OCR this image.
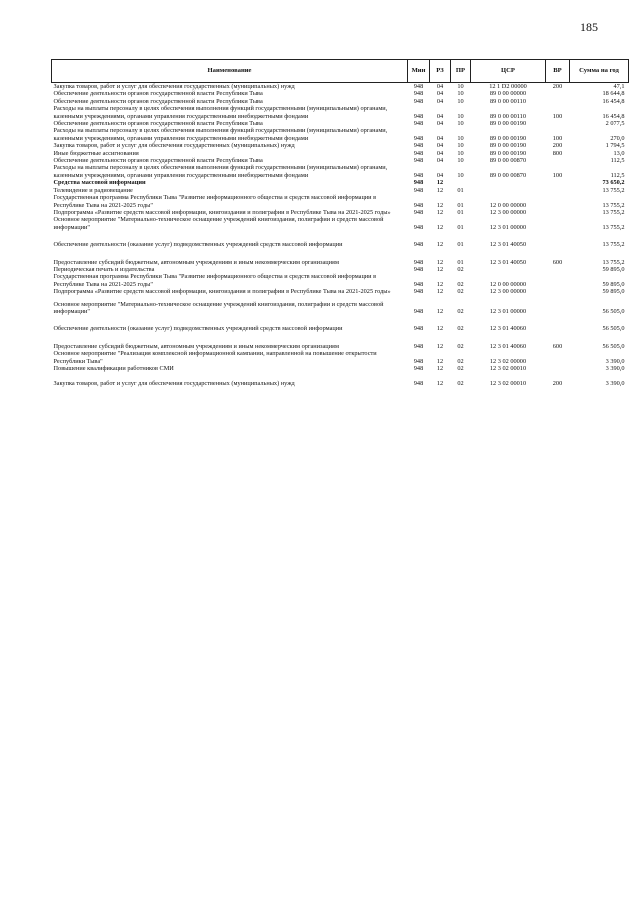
185
Наименование	Мин	РЗ	ПР	ЦСР	ВР	Сумма на год
Закупка товаров, работ и услуг для обеспечения государственных (муниципальных) нужд	948	04	10	12 1 D2 00000	200	47,1
Обеспечение деятельности органов государственной власти Республики Тыва	948	04	10	89 0 00 00000		18 644,8
Обеспечение деятельности органов государственной власти Республики Тыва	948	04	10	89 0 00 00110		16 454,8
Расходы на выплаты персоналу в целях обеспечения выполнения функций государственными (муниципальными) органами, казенными учреждениями, органами управления государственными внебюджетными фондами	948	04	10	89 0 00 00110	100	16 454,8
Обеспечение деятельности органов государственной власти Республики Тыва	948	04	10	89 0 00 00190		2 077,5
Расходы на выплаты персоналу в целях обеспечения выполнения функций государственными (муниципальными) органами, казенными учреждениями, органами управления государственными внебюджетными фондами	948	04	10	89 0 00 00190	100	270,0
Закупка товаров, работ и услуг для обеспечения государственных (муниципальных) нужд	948	04	10	89 0 00 00190	200	1 794,5
Иные бюджетные ассигнования	948	04	10	89 0 00 00190	800	13,0
Обеспечение деятельности органов государственной власти Республики Тыва	948	04	10	89 0 00 00870		112,5
Расходы на выплаты персоналу в целях обеспечения выполнения функций государственными (муниципальными) органами, казенными учреждениями, органами управления государственными внебюджетными фондами	948	04	10	89 0 00 00870	100	112,5
Средства массовой информации	948	12				73 650,2
Телевидение и радиовещание	948	12	01			13 755,2
Государственная программа Республики Тыва "Развитие информационного общества и средств массовой информации в Республике Тыва на 2021-2025 годы"	948	12	01	12 0 00 00000		13 755,2
Подпрограмма «Развитие средств массовой информации, книгоиздания и полиграфии в Республике Тыва на 2021-2025 годы»	948	12	01	12 3 00 00000		13 755,2
Основное мероприятие "Материально-техническое оснащение учреждений книгоиздания, полиграфии и средств массовой информации"	948	12	01	12 3 01 00000		13 755,2
Обеспечение деятельности (оказание услуг) подведомственных учреждений средств массовой информации	948	12	01	12 3 01 40050		13 755,2
Предоставление субсидий бюджетным, автономным учреждениям и иным некоммерческим организациям	948	12	01	12 3 01 40050	600	13 755,2
Периодическая печать и издательства	948	12	02			59 895,0
Государственная программа Республики Тыва "Развитие информационного общества и средств массовой информации в Республике Тыва на 2021-2025 годы"	948	12	02	12 0 00 00000		59 895,0
Подпрограмма «Развитие средств массовой информации, книгоиздания и полиграфии в Республике Тыва на 2021-2025 годы»	948	12	02	12 3 00 00000		59 895,0
Основное мероприятие "Материально-техническое оснащение учреждений книгоиздания, полиграфии и средств массовой информации"	948	12	02	12 3 01 00000		56 505,0
Обеспечение деятельности (оказание услуг) подведомственных учреждений средств массовой информации	948	12	02	12 3 01 40060		56 505,0
Предоставление субсидий бюджетным, автономным учреждениям и иным некоммерческим организациям	948	12	02	12 3 01 40060	600	56 505,0
Основное мероприятие "Реализация комплексной информационной кампании, направленной на повышение открытости Республики Тыва"	948	12	02	12 3 02 00000		3 390,0
Повышение квалификации работников СМИ	948	12	02	12 3 02 00010		3 390,0
Закупка товаров, работ и услуг для обеспечения государственных (муниципальных) нужд	948	12	02	12 3 02 00010	200	3 390,0
